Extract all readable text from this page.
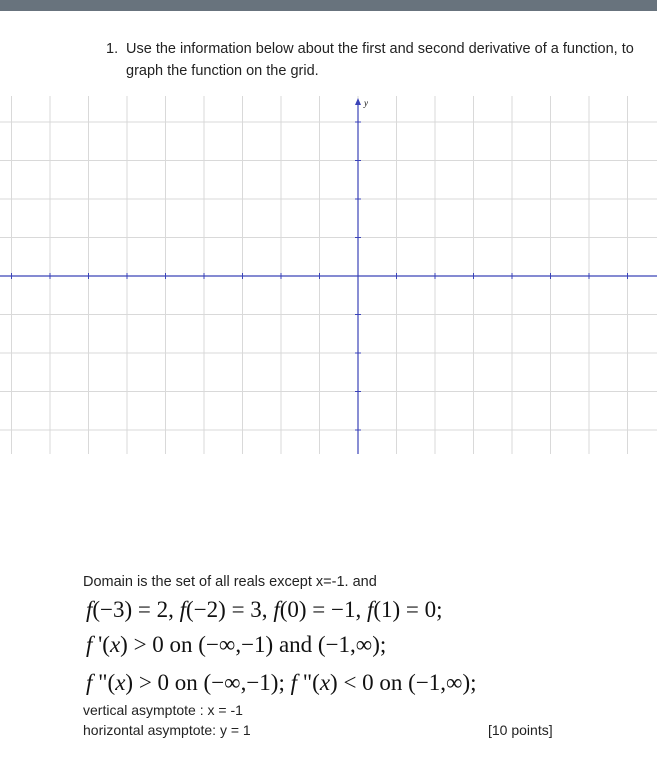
1. Use the information below about the first and second derivative of a function, to graph the function on the grid.
y
Domain is the set of all reals except x=-1. and
f(−3) = 2, f(−2) = 3, f(0) = −1, f(1) = 0;
f '(x) > 0 on (−∞,−1) and (−1,∞);
f "(x) > 0 on (−∞,−1); f "(x) < 0 on (−1,∞);
vertical asymptote : x = -1
horizontal asymptote: y = 1	[10 points]
